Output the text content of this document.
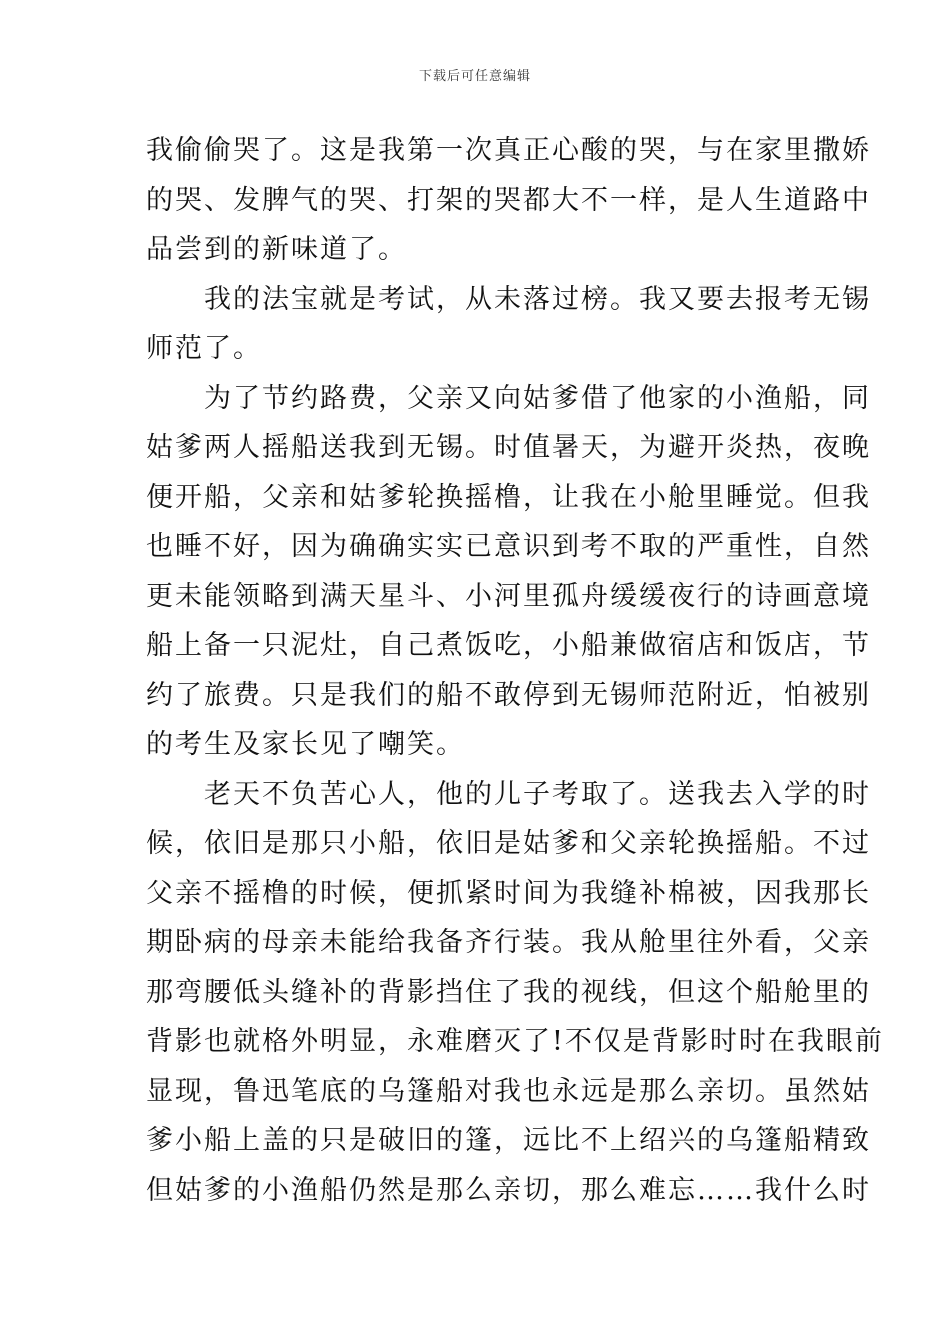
下载后可任意编辑
我偷偷哭了。这是我第一次真正心酸的哭，与在家里撒娇
的哭、发脾气的哭、打架的哭都大不一样，是人生道路中
品尝到的新味道了。
　　我的法宝就是考试，从未落过榜。我又要去报考无锡
师范了。
　　为了节约路费，父亲又向姑爹借了他家的小渔船，同
姑爹两人摇船送我到无锡。时值暑天，为避开炎热，夜晚
便开船，父亲和姑爹轮换摇橹，让我在小舱里睡觉。但我
也睡不好，因为确确实实已意识到考不取的严重性，自然
更未能领略到满天星斗、小河里孤舟缓缓夜行的诗画意境
船上备一只泥灶，自己煮饭吃，小船兼做宿店和饭店，节
约了旅费。只是我们的船不敢停到无锡师范附近，怕被别
的考生及家长见了嘲笑。
　　老天不负苦心人，他的儿子考取了。送我去入学的时
候，依旧是那只小船，依旧是姑爹和父亲轮换摇船。不过
父亲不摇橹的时候，便抓紧时间为我缝补棉被，因我那长
期卧病的母亲未能给我备齐行装。我从舱里往外看，父亲
那弯腰低头缝补的背影挡住了我的视线，但这个船舱里的
背影也就格外明显，永难磨灭了!不仅是背影时时在我眼前
显现，鲁迅笔底的乌篷船对我也永远是那么亲切。虽然姑
爹小船上盖的只是破旧的篷，远比不上绍兴的乌篷船精致
但姑爹的小渔船仍然是那么亲切，那么难忘……我什么时
